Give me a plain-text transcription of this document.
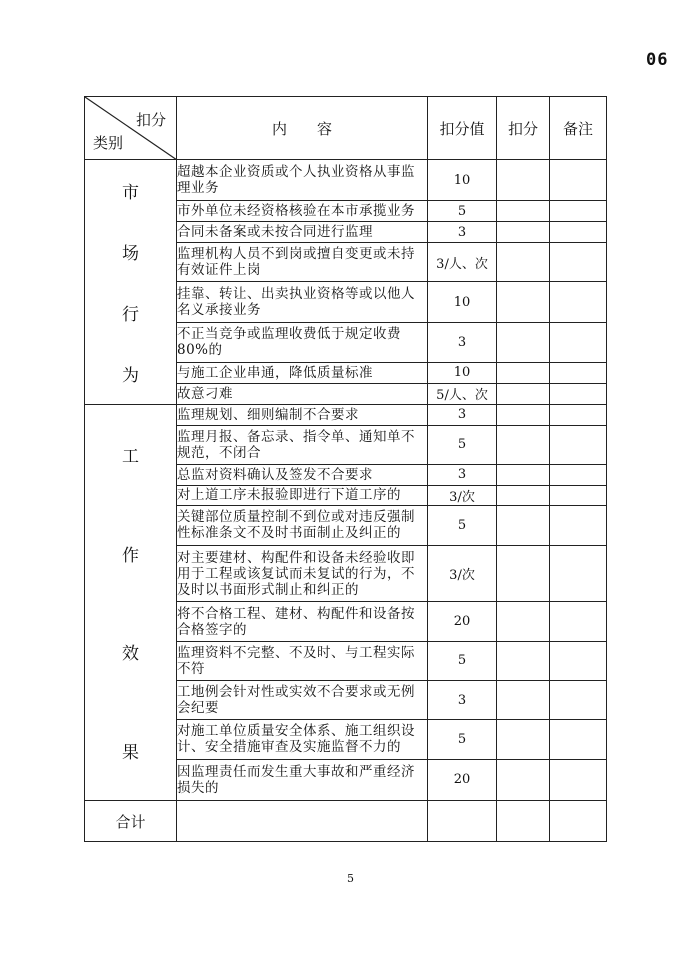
06
扣分
类别	内　　容	扣分值	扣分	备注

市
场
行
为	超越本企业资质或个人执业资格从事监理业务	10		
	市外单位未经资格核验在本市承揽业务	5		
	合同未备案或未按合同进行监理	3		
	监理机构人员不到岗或擅自变更或未持有效证件上岗	3/人、次		
	挂靠、转让、出卖执业资格等或以他人名义承接业务	10		
	不正当竞争或监理收费低于规定收费80%的	3		
	与施工企业串通，降低质量标准	10		
	故意刁难	5/人、次		

工
作
效
果	监理规划、细则编制不合要求	3		
	监理月报、备忘录、指令单、通知单不规范，不闭合	5		
	总监对资料确认及签发不合要求	3		
	对上道工序未报验即进行下道工序的	3/次		
	关键部位质量控制不到位或对违反强制性标准条文不及时书面制止及纠正的	5		
	对主要建材、构配件和设备未经验收即用于工程或该复试而未复试的行为，不及时以书面形式制止和纠正的	3/次		
	将不合格工程、建材、构配件和设备按合格签字的	20		
	监理资料不完整、不及时、与工程实际不符	5		
	工地例会针对性或实效不合要求或无例会纪要	3		
	对施工单位质量安全体系、施工组织设计、安全措施审查及实施监督不力的	5		
	因监理责任而发生重大事故和严重经济损失的	20		
合计				
5
